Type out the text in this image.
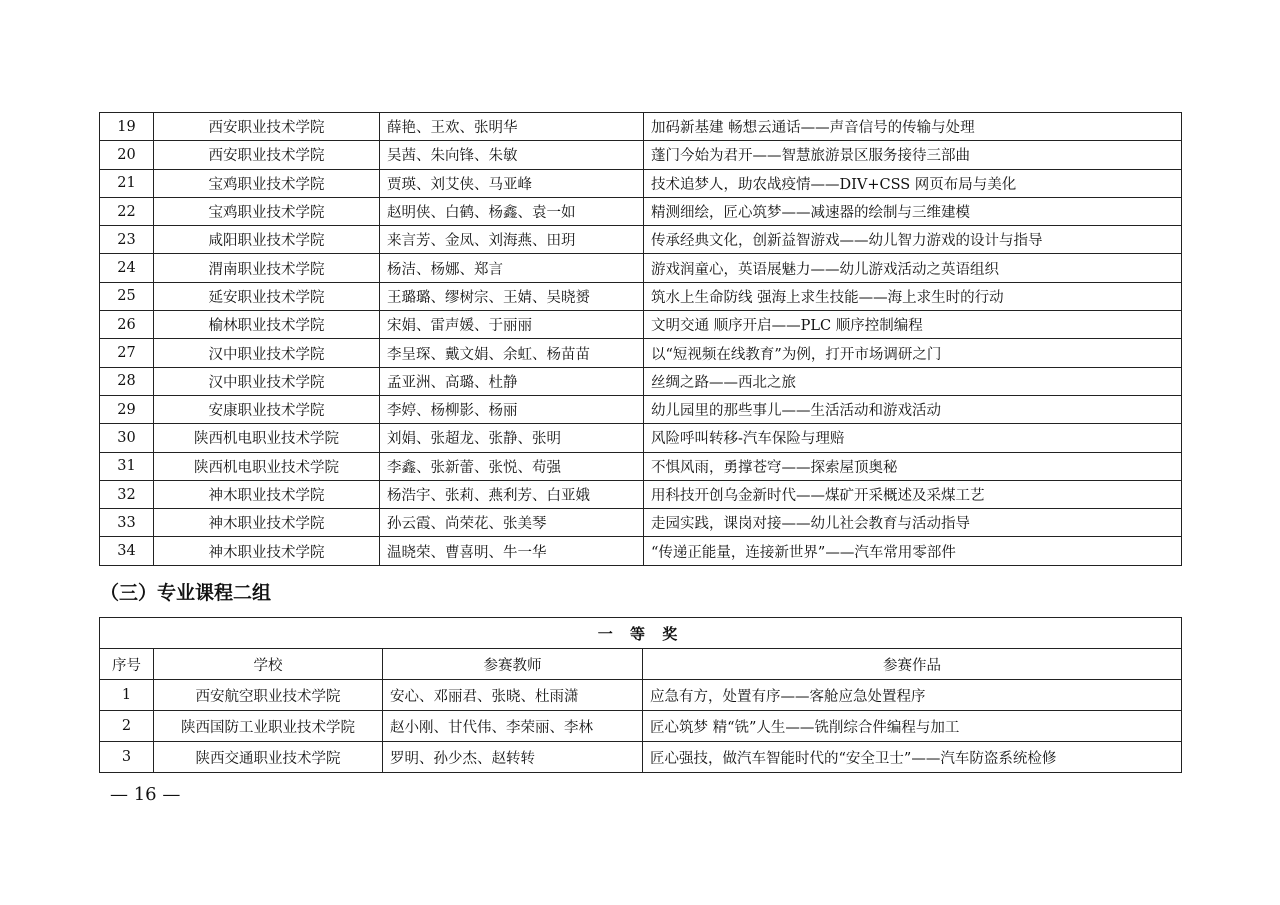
19	西安职业技术学院	薛艳、王欢、张明华	加码新基建 畅想云通话——声音信号的传输与处理
20	西安职业技术学院	吴茜、朱向锋、朱敏	蓬门今始为君开——智慧旅游景区服务接待三部曲
21	宝鸡职业技术学院	贾瑛、刘艾侠、马亚峰	技术追梦人，助农战疫情——DIV+CSS 网页布局与美化
22	宝鸡职业技术学院	赵明侠、白鹤、杨鑫、袁一如	精测细绘，匠心筑梦——减速器的绘制与三维建模
23	咸阳职业技术学院	来言芳、金凤、刘海燕、田玥	传承经典文化，创新益智游戏——幼儿智力游戏的设计与指导
24	渭南职业技术学院	杨洁、杨娜、郑言	游戏润童心，英语展魅力——幼儿游戏活动之英语组织
25	延安职业技术学院	王璐璐、缪树宗、王婧、吴晓赟	筑水上生命防线 强海上求生技能——海上求生时的行动
26	榆林职业技术学院	宋娟、雷声媛、于丽丽	文明交通 顺序开启——PLC 顺序控制编程
27	汉中职业技术学院	李呈琛、戴文娟、余虹、杨苗苗	以“短视频在线教育”为例，打开市场调研之门
28	汉中职业技术学院	孟亚洲、高璐、杜静	丝绸之路——西北之旅
29	安康职业技术学院	李婷、杨柳影、杨丽	幼儿园里的那些事儿——生活活动和游戏活动
30	陕西机电职业技术学院	刘娟、张超龙、张静、张明	风险呼叫转移-汽车保险与理赔
31	陕西机电职业技术学院	李鑫、张新蕾、张悦、苟强	不惧风雨，勇撑苍穹——探索屋顶奥秘
32	神木职业技术学院	杨浩宇、张莉、燕利芳、白亚娥	用科技开创乌金新时代——煤矿开采概述及采煤工艺
33	神木职业技术学院	孙云霞、尚荣花、张美琴	走园实践，课岗对接——幼儿社会教育与活动指导
34	神木职业技术学院	温晓荣、曹喜明、牛一华	“传递正能量，连接新世界”——汽车常用零部件
（三）专业课程二组
一 等 奖			
序号	学校	参赛教师	参赛作品
1	西安航空职业技术学院	安心、邓丽君、张晓、杜雨潇	应急有方，处置有序——客舱应急处置程序
2	陕西国防工业职业技术学院	赵小刚、甘代伟、李荣丽、李林	匠心筑梦 精“铣”人生——铣削综合件编程与加工
3	陕西交通职业技术学院	罗明、孙少杰、赵转转	匠心强技，做汽车智能时代的“安全卫士”——汽车防盗系统检修

— 16 —
